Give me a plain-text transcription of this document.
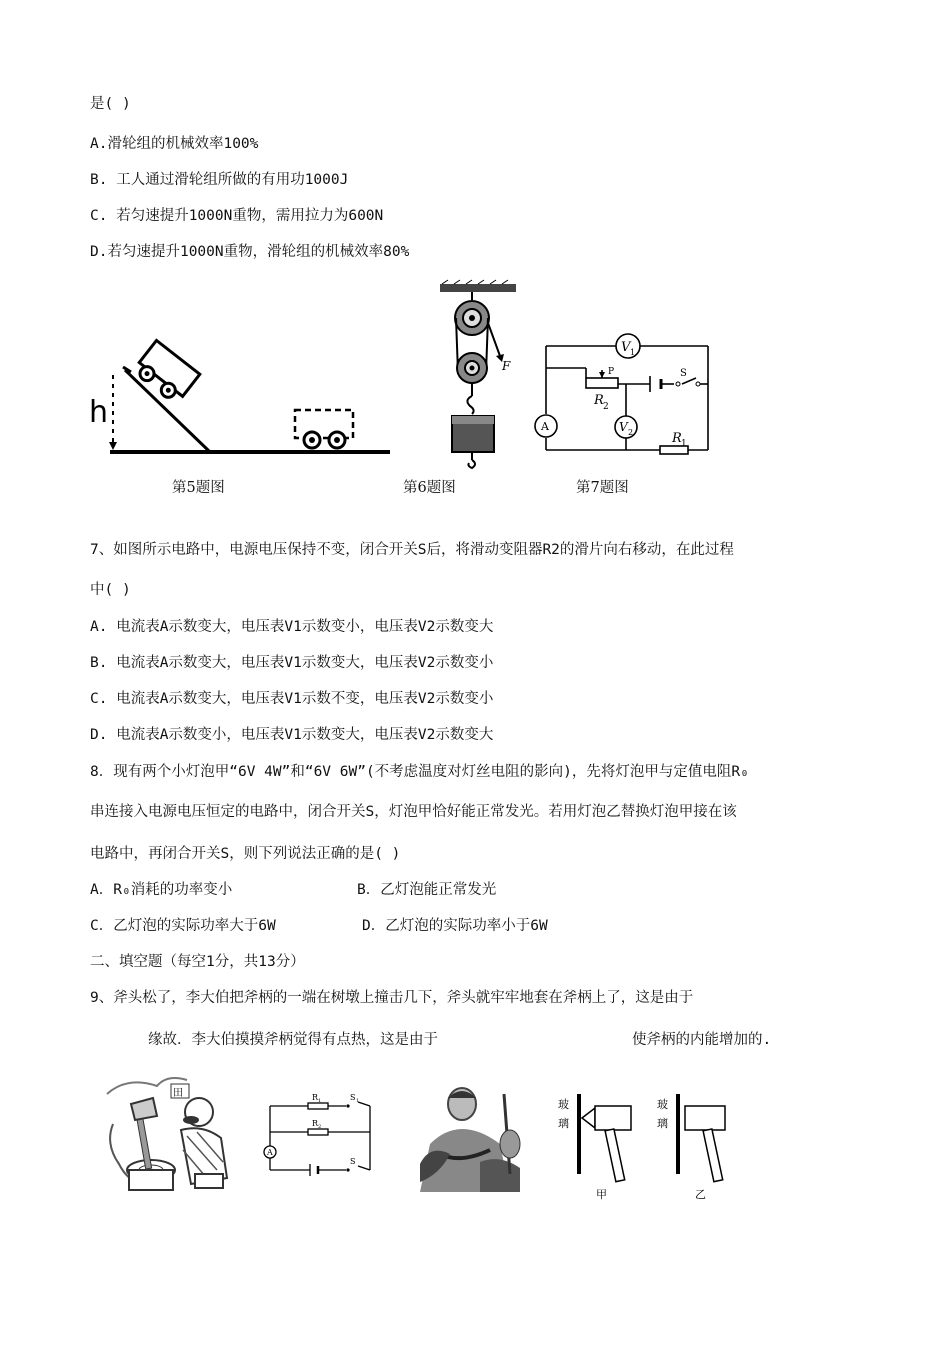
是( )
A.滑轮组的机械效率100%
B. 工人通过滑轮组所做的有用功1000J
C. 若匀速提升1000N重物，需用拉力为600N
D.若匀速提升1000N重物，滑轮组的机械效率80%
h
第5题图
F
第6题图
V 1
V 2
A
P
R 2
S
R 1
第7题图
7、如图所示电路中，电源电压保持不变，闭合开关S后，将滑动变阻器R2的滑片向右移动，在此过程
中( )
A. 电流表A示数变大，电压表V1示数变小，电压表V2示数变大
B. 电流表A示数变大，电压表V1示数变大，电压表V2示数变小
C. 电流表A示数变大，电压表V1示数不变，电压表V2示数变小
D. 电流表A示数变小，电压表V1示数变大，电压表V2示数变大
8．现有两个小灯泡甲“6V 4W”和“6V 6W”(不考虑温度对灯丝电阻的影向)，先将灯泡甲与定值电阻R₀
串连接入电源电压恒定的电路中，闭合开关S，灯泡甲恰好能正常发光。若用灯泡乙替换灯泡甲接在该
电路中，再闭合开关S，则下列说法正确的是( )
A．R₀消耗的功率变小	B．乙灯泡能正常发光
C．乙灯泡的实际功率大于6W	D．乙灯泡的实际功率小于6W
二、填空题（每空1分，共13分）
9、斧头松了，李大伯把斧柄的一端在树墩上撞击几下，斧头就牢牢地套在斧柄上了，这是由于
缘故．李大伯摸摸斧柄觉得有点热，这是由于	使斧柄的内能增加的.
田
A
R 1	S 1
R 2
S
玻
璃
甲
玻
璃
乙
